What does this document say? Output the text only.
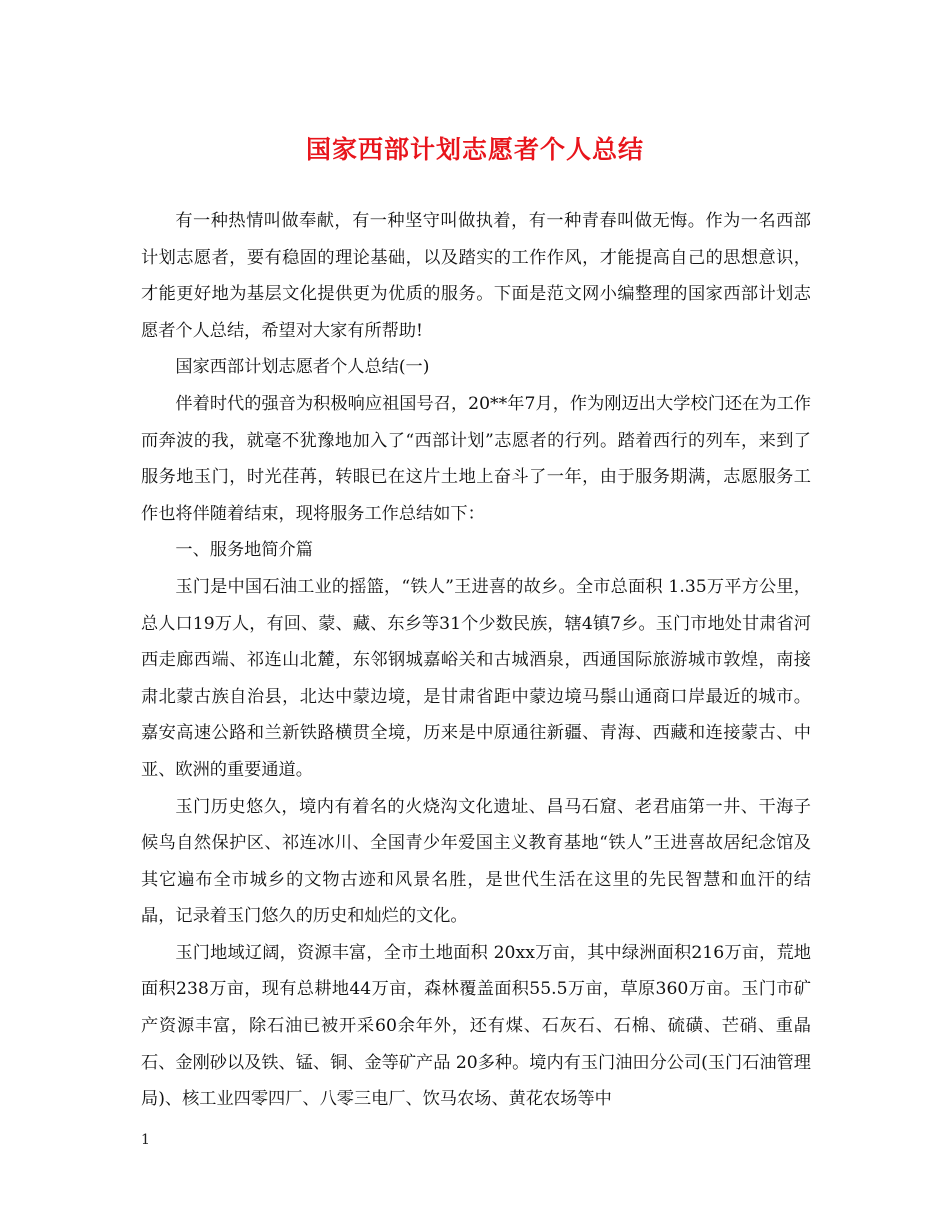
国家西部计划志愿者个人总结

有一种热情叫做奉献，有一种坚守叫做执着，有一种青春叫做无悔。作为一名西部计划志愿者，要有稳固的理论基础，以及踏实的工作作风，才能提高自己的思想意识，才能更好地为基层文化提供更为优质的服务。下面是范文网小编整理的国家西部计划志愿者个人总结，希望对大家有所帮助!

国家西部计划志愿者个人总结(一)

伴着时代的强音为积极响应祖国号召，20**年7月，作为刚迈出大学校门还在为工作而奔波的我，就毫不犹豫地加入了“西部计划”志愿者的行列。踏着西行的列车，来到了服务地玉门，时光荏苒，转眼已在这片土地上奋斗了一年，由于服务期满，志愿服务工作也将伴随着结束，现将服务工作总结如下：

一、服务地简介篇

玉门是中国石油工业的摇篮，“铁人”王进喜的故乡。全市总面积 1.35万平方公里，总人口19万人，有回、蒙、藏、东乡等31个少数民族，辖4镇7乡。玉门市地处甘肃省河西走廊西端、祁连山北麓，东邻钢城嘉峪关和古城酒泉，西通国际旅游城市敦煌，南接肃北蒙古族自治县，北达中蒙边境，是甘肃省距中蒙边境马鬃山通商口岸最近的城市。嘉安高速公路和兰新铁路横贯全境，历来是中原通往新疆、青海、西藏和连接蒙古、中亚、欧洲的重要通道。

玉门历史悠久，境内有着名的火烧沟文化遗址、昌马石窟、老君庙第一井、干海子候鸟自然保护区、祁连冰川、全国青少年爱国主义教育基地“铁人”王进喜故居纪念馆及其它遍布全市城乡的文物古迹和风景名胜，是世代生活在这里的先民智慧和血汗的结晶，记录着玉门悠久的历史和灿烂的文化。

玉门地域辽阔，资源丰富，全市土地面积 20xx万亩，其中绿洲面积216万亩，荒地面积238万亩，现有总耕地44万亩，森林覆盖面积55.5万亩，草原360万亩。玉门市矿产资源丰富，除石油已被开采60余年外，还有煤、石灰石、石棉、硫磺、芒硝、重晶石、金刚砂以及铁、锰、铜、金等矿产品 20多种。境内有玉门油田分公司(玉门石油管理局)、核工业四零四厂、八零三电厂、饮马农场、黄花农场等中

1
